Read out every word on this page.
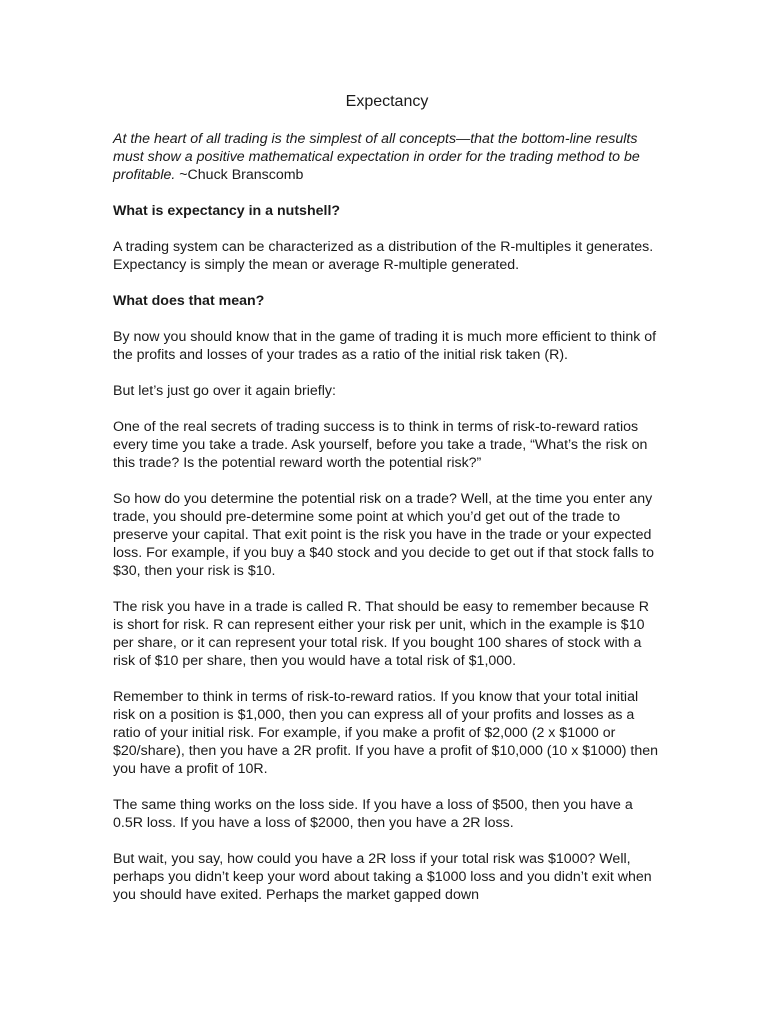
Expectancy
At the heart of all trading is the simplest of all concepts—that the bottom-line results must show a positive mathematical expectation in order for the trading method to be profitable. ~Chuck Branscomb
What is expectancy in a nutshell?

A trading system can be characterized as a distribution of the R-multiples it generates. Expectancy is simply the mean or average R-multiple generated.

What does that mean?

By now you should know that in the game of trading it is much more efficient to think of the profits and losses of your trades as a ratio of the initial risk taken (R).

But let’s just go over it again briefly:

One of the real secrets of trading success is to think in terms of risk-to-reward ratios every time you take a trade. Ask yourself, before you take a trade, “What’s the risk on this trade? Is the potential reward worth the potential risk?”

So how do you determine the potential risk on a trade? Well, at the time you enter any trade, you should pre-determine some point at which you’d get out of the trade to preserve your capital. That exit point is the risk you have in the trade or your expected loss. For example, if you buy a $40 stock and you decide to get out if that stock falls to $30, then your risk is $10.

The risk you have in a trade is called R. That should be easy to remember because R is short for risk. R can represent either your risk per unit, which in the example is $10 per share, or it can represent your total risk. If you bought 100 shares of stock with a risk of $10 per share, then you would have a total risk of $1,000.

Remember to think in terms of risk-to-reward ratios. If you know that your total initial risk on a position is $1,000, then you can express all of your profits and losses as a ratio of your initial risk. For example, if you make a profit of $2,000 (2 x $1000 or $20/share), then you have a 2R profit. If you have a profit of $10,000 (10 x $1000) then you have a profit of 10R.

The same thing works on the loss side. If you have a loss of $500, then you have a 0.5R loss. If you have a loss of $2000, then you have a 2R loss.

But wait, you say, how could you have a 2R loss if your total risk was $1000? Well, perhaps you didn’t keep your word about taking a $1000 loss and you didn’t exit when you should have exited. Perhaps the market gapped down
